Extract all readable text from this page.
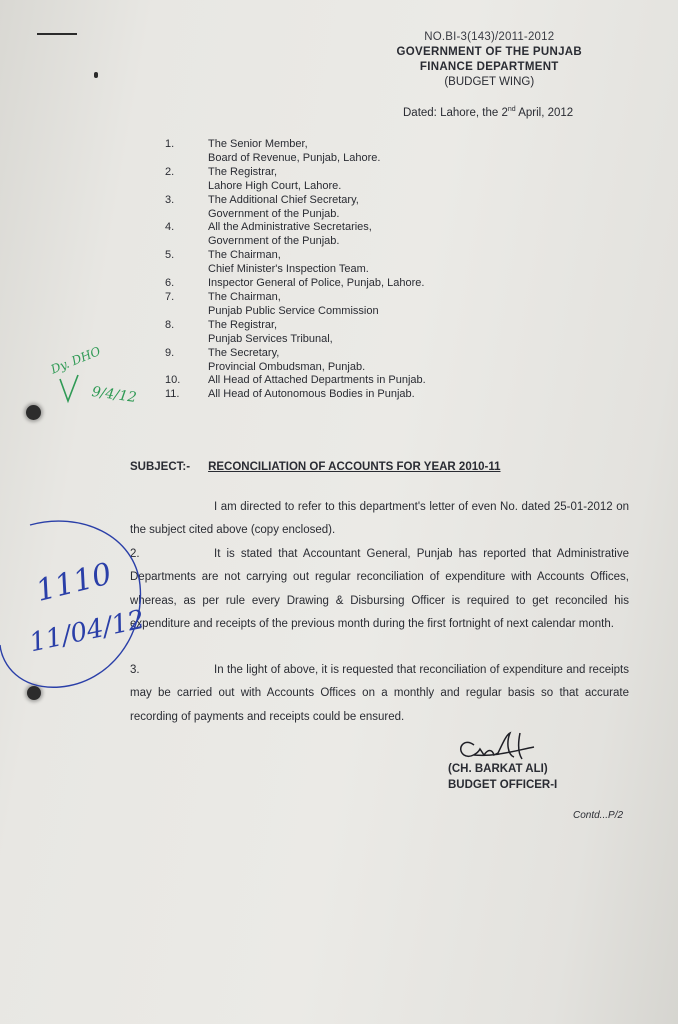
NO.BI-3(143)/2011-2012
GOVERNMENT OF THE PUNJAB
FINANCE DEPARTMENT
(BUDGET WING)
Dated: Lahore, the 2nd April, 2012
1.	The Senior Member,
Board of Revenue, Punjab, Lahore.
2.	The Registrar,
Lahore High Court, Lahore.
3.	The Additional Chief Secretary,
Government of the Punjab.
4.	All the Administrative Secretaries,
Government of the Punjab.
5.	The Chairman,
Chief Minister's Inspection Team.
6.	Inspector General of Police, Punjab, Lahore.
7.	The Chairman,
Punjab Public Service Commission
8.	The Registrar,
Punjab Services Tribunal,
9.	The Secretary,
Provincial Ombudsman, Punjab.
10.	All Head of Attached Departments in Punjab.
11.	All Head of Autonomous Bodies in Punjab.
Dy. DHO
9/4/12
SUBJECT:- RECONCILIATION OF ACCOUNTS FOR YEAR 2010-11

I am directed to refer to this department's letter of even No. dated 25-01-2012 on the subject cited above (copy enclosed).

2.	It is stated that Accountant General, Punjab has reported that Administrative Departments are not carrying out regular reconciliation of expenditure with Accounts Offices, whereas, as per rule every Drawing & Disbursing Officer is required to get reconciled his expenditure and receipts of the previous month during the first fortnight of next calendar month.

3.	In the light of above, it is requested that reconciliation of expenditure and receipts may be carried out with Accounts Offices on a monthly and regular basis so that accurate recording of payments and receipts could be ensured.

1110
11/04/12
(CH. BARKAT ALI)
BUDGET OFFICER-I
Contd...P/2
